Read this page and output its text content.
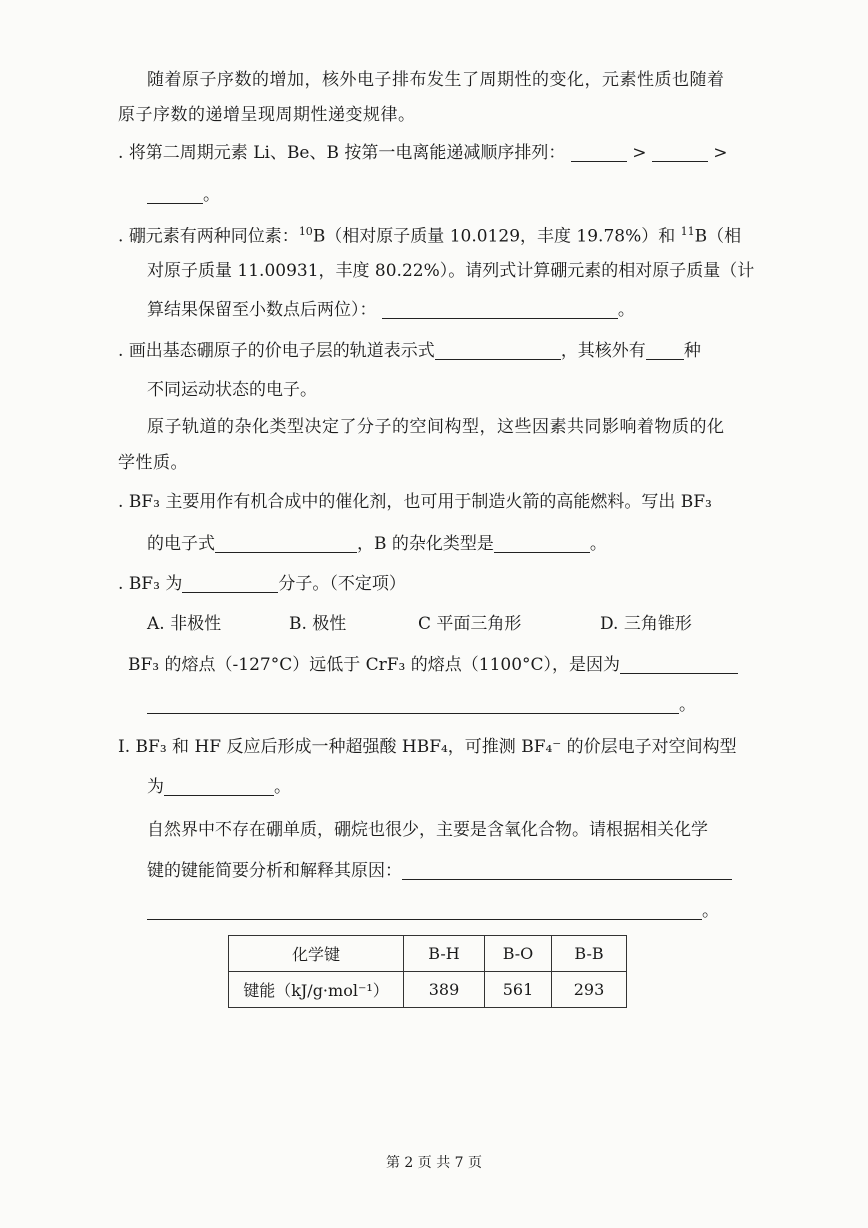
随着原子序数的增加，核外电子排布发生了周期性的变化，元素性质也随着
原子序数的递增呈现周期性递变规律。
. 将第二周期元素 Li、Be、B 按第一电离能递减顺序排列：	>	>
。
. 硼元素有两种同位素：$^{10}$B（相对原子质量 10.0129，丰度 19.78%）和 $^{11}$B（相
对原子质量 11.00931，丰度 80.22%）。请列式计算硼元素的相对原子质量（计
算结果保留至小数点后两位）：	。
. 画出基态硼原子的价电子层的轨道表示式	，其核外有 种
不同运动状态的电子。
原子轨道的杂化类型决定了分子的空间构型，这些因素共同影响着物质的化
学性质。
. BF₃ 主要用作有机合成中的催化剂，也可用于制造火箭的高能燃料。写出 BF₃
的电子式	，B 的杂化类型是	。
. BF₃ 为	分子。（不定项）
A. 非极性	B. 极性	C 平面三角形	D. 三角锥形
BF₃ 的熔点（-127°C）远低于 CrF₃ 的熔点（1100°C），是因为
。
I. BF₃ 和 HF 反应后形成一种超强酸 HBF₄，可推测 BF₄⁻ 的价层电子对空间构型
为	。
自然界中不存在硼单质，硼烷也很少，主要是含氧化合物。请根据相关化学
键的键能简要分析和解释其原因：
。
化学键	B-H	B-O	B-B
键能（kJ/g·mol⁻¹）	389	561	293
第 2 页 共 7 页
